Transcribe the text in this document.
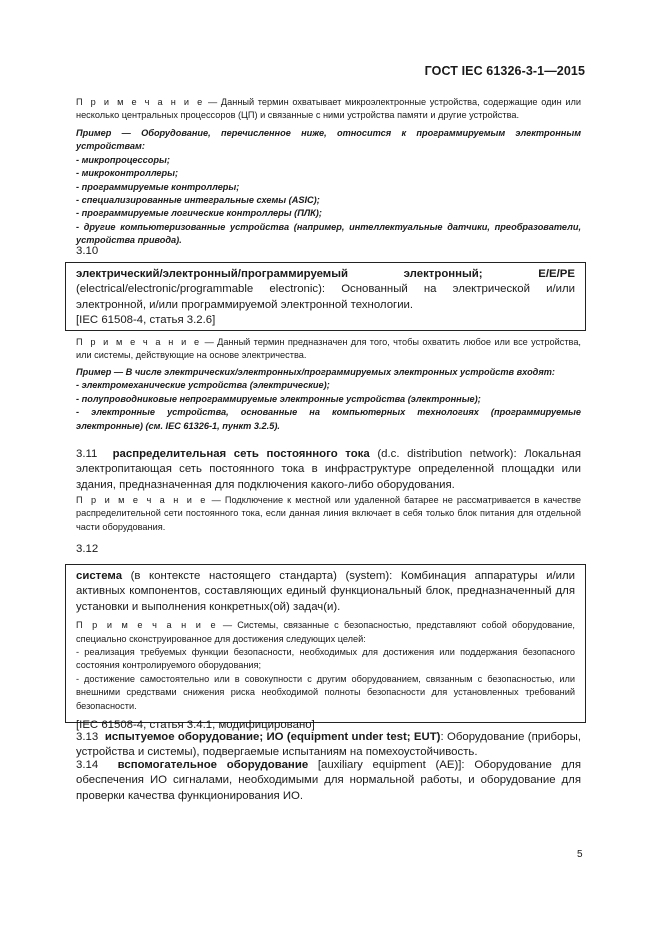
ГОСТ IEC 61326-3-1—2015

П р и м е ч а н и е — Данный термин охватывает микроэлектронные устройства, содержащие один или несколько центральных процессоров (ЦП) и связанные с ними устройства памяти и другие устройства.

Пример — Оборудование, перечисленное ниже, относится к программируемым электронным устройствам:

- микропроцессоры;

- микроконтроллеры;

- программируемые контроллеры;

- специализированные интегральные схемы (ASIC);

- программируемые логические контроллеры (ПЛК);

- другие компьютеризованные устройства (например, интеллектуальные датчики, преобразователи, устройства привода).

3.10

электрический/электронный/программируемый электронный; E/E/PE (electrical/electronic/programmable electronic): Основанный на электрической и/или электронной, и/или программируемой электронной технологии.

[IEC 61508-4, статья 3.2.6]

П р и м е ч а н и е — Данный термин предназначен для того, чтобы охватить любое или все устройства, или системы, действующие на основе электричества.

Пример — В числе электрических/электронных/программируемых электронных устройств входят:

- электромеханические устройства (электрические);

- полупроводниковые непрограммируемые электронные устройства (электронные);

- электронные устройства, основанные на компьютерных технологиях (программируемые электронные) (см. IEC 61326-1, пункт 3.2.5).

3.11 распределительная сеть постоянного тока (d.c. distribution network): Локальная электропитающая сеть постоянного тока в инфраструктуре определенной площадки или здания, предназначенная для подключения какого-либо оборудования.

П р и м е ч а н и е — Подключение к местной или удаленной батарее не рассматривается в качестве распределительной сети постоянного тока, если данная линия включает в себя только блок питания для отдельной части оборудования.

3.12

система (в контексте настоящего стандарта) (system): Комбинация аппаратуры и/или активных компонентов, составляющих единый функциональный блок, предназначенный для установки и выполнения конкретных(ой) задач(и).

П р и м е ч а н и е — Системы, связанные с безопасностью, представляют собой оборудование, специально сконструированное для достижения следующих целей:

- реализация требуемых функции безопасности, необходимых для достижения или поддержания безопасного состояния контролируемого оборудования;

- достижение самостоятельно или в совокупности с другим оборудованием, связанным с безопасностью, или внешними средствами снижения риска необходимой полноты безопасности для установленных требований безопасности.

[IEC 61508-4, статья 3.4.1, модифицировано]

3.13 испытуемое оборудование; ИО (equipment under test; EUT): Оборудование (приборы, устройства и системы), подвергаемые испытаниям на помехоустойчивость.

3.14 вспомогательное оборудование [auxiliary equipment (AE)]: Оборудование для обеспечения ИО сигналами, необходимыми для нормальной работы, и оборудование для проверки качества функционирования ИО.

5
